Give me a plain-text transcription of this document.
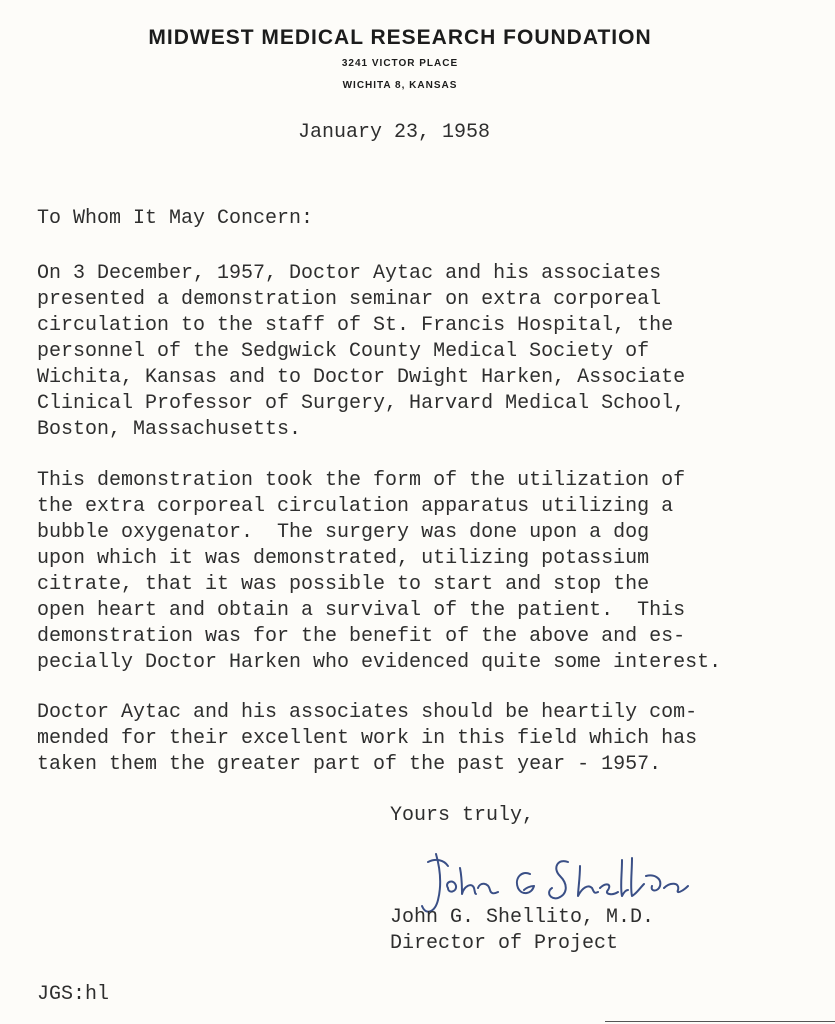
MIDWEST MEDICAL RESEARCH FOUNDATION
3241 VICTOR PLACE
WICHITA 8, KANSAS
January 23, 1958
To Whom It May Concern:
On 3 December, 1957, Doctor Aytac and his associates
presented a demonstration seminar on extra corporeal
circulation to the staff of St. Francis Hospital, the
personnel of the Sedgwick County Medical Society of
Wichita, Kansas and to Doctor Dwight Harken, Associate
Clinical Professor of Surgery, Harvard Medical School,
Boston, Massachusetts.
This demonstration took the form of the utilization of
the extra corporeal circulation apparatus utilizing a
bubble oxygenator.  The surgery was done upon a dog
upon which it was demonstrated, utilizing potassium
citrate, that it was possible to start and stop the
open heart and obtain a survival of the patient.  This
demonstration was for the benefit of the above and es-
pecially Doctor Harken who evidenced quite some interest.
Doctor Aytac and his associates should be heartily com-
mended for their excellent work in this field which has
taken them the greater part of the past year - 1957.
Yours truly,
John G. Shellito, M.D.
Director of Project
JGS:hl
